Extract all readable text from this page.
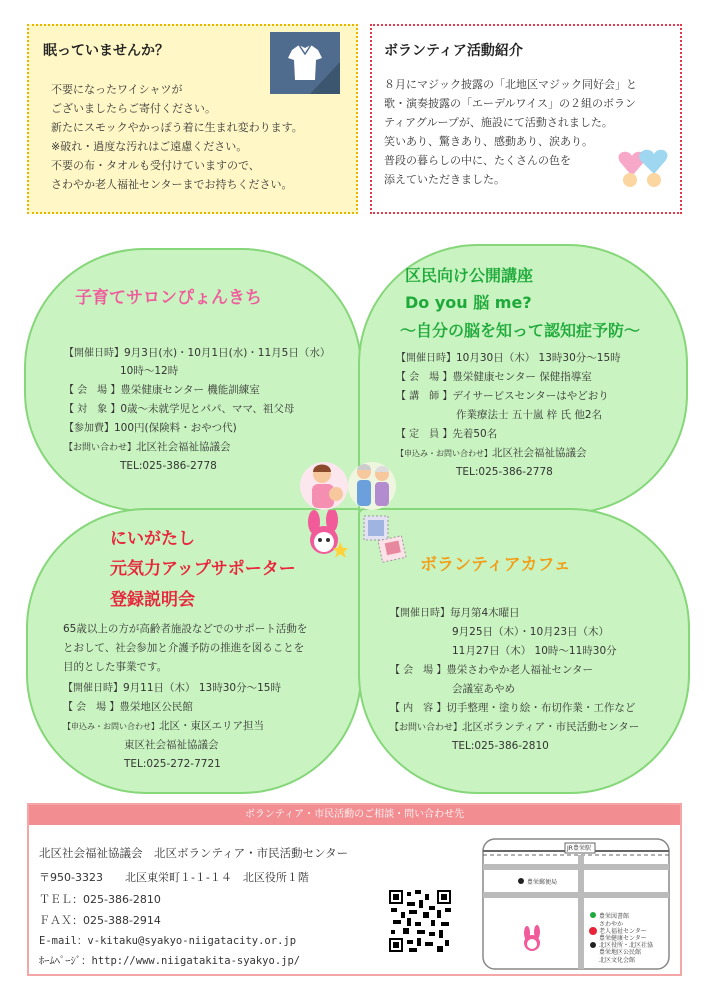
眠っていませんか？
不要になったワイシャツが
ございましたらご寄付ください。
新たにスモックやかっぽう着に生まれ変わります。
※破れ・過度な汚れはご遠慮ください。
不要の布・タオルも受付けていますので、
さわやか老人福祉センターまでお持ちください。
ボランティア活動紹介
８月にマジック披露の「北地区マジック同好会」と
歌・演奏披露の「エーデルワイス」の２組のボラン
ティアグループが、施設にて活動されました。
笑いあり、驚きあり、感動あり、涙あり。
普段の暮らしの中に、たくさんの色を
添えていただきました。
子育てサロンぴょんきち
【開催日時】9月3日(水)・10月1日(水)・11月5日（水）
10時～12時
【 会　場 】豊栄健康センター 機能訓練室
【 対　象 】0歳～未就学児とパパ、ママ、祖父母
【参加費】100円(保険料・おやつ代)
【お問い合わせ】北区社会福祉協議会
TEL:025-386-2778
区民向け公開講座
Do you 脳 me?
～自分の脳を知って認知症予防～
【開催日時】10月30日（木） 13時30分～15時
【 会　場 】豊栄健康センター 保健指導室
【 講　師 】デイサービスセンターはやどおり
作業療法士 五十嵐 梓 氏 他2名
【 定　員 】先着50名
【申込み・お問い合わせ】北区社会福祉協議会
TEL:025-386-2778
にいがたし
元気力アップサポーター
登録説明会
65歳以上の方が高齢者施設などでのサポート活動を
とおして、社会参加と介護予防の推進を図ることを
目的とした事業です。
【開催日時】9月11日（木） 13時30分～15時
【 会　場 】豊栄地区公民館
【申込み・お問い合わせ】北区・東区エリア担当
東区社会福祉協議会
TEL:025-272-7721
ボランティアカフェ
【開催日時】毎月第4木曜日
9月25日（木）・10月23日（木）
11月27日（木） 10時～11時30分
【 会　場 】豊栄さわやか老人福祉センター
会議室あやめ
【 内　容 】切手整理・塗り絵・布切作業・工作など
【お問い合わせ】北区ボランティア・市民活動センター
TEL:025-386-2810
ボランティア・市民活動のご相談・問い合わせ先
北区社会福祉協議会　北区ボランティア・市民活動センター
〒950-3323　　北区東栄町１-１-１４　北区役所１階
ＴＥＬ：025-386-2810
ＦＡＸ：025-388-2914
E-mail：v-kitaku@syakyo-niigatacity.or.jp
ﾎｰﾑﾍﾟｰｼﾞ：http://www.niigatakita-syakyo.jp/
JR豊栄駅
豊栄郵便局
豊栄図書館
さわやか
老人福祉センター
豊栄健康センター
北区役所・北区社協
豊栄地区公民館
北区文化会館
